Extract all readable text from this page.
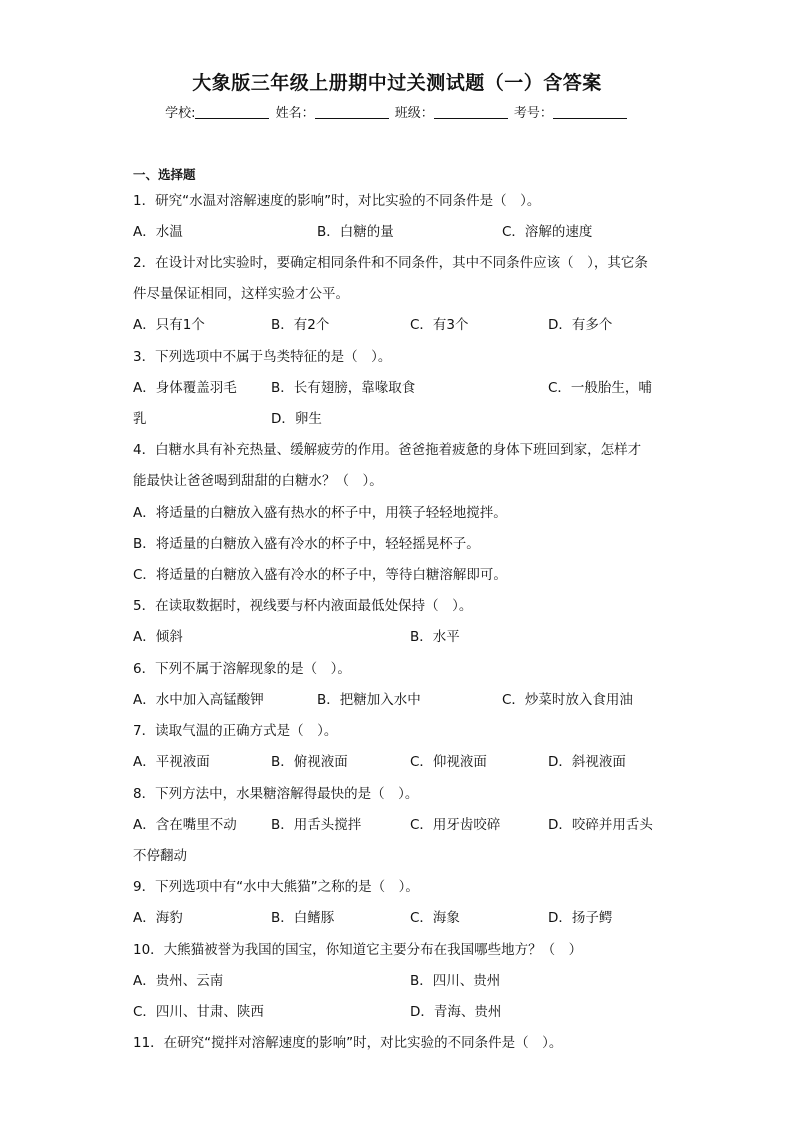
大象版三年级上册期中过关测试题（一）含答案
学校:	姓名：	班级：	考号：
一、选择题
1．研究“水温对溶解速度的影响”时，对比实验的不同条件是（　）。
A．水温	B．白糖的量	C．溶解的速度
2．在设计对比实验时，要确定相同条件和不同条件，其中不同条件应该（　），其它条
件尽量保证相同，这样实验才公平。
A．只有1个	B．有2个	C．有3个	D．有多个
3．下列选项中不属于鸟类特征的是（　）。
A．身体覆盖羽毛	B．长有翅膀，靠喙取食	C．一般胎生，哺
乳	D．卵生
4．白糖水具有补充热量、缓解疲劳的作用。爸爸拖着疲惫的身体下班回到家，怎样才
能最快让爸爸喝到甜甜的白糖水？（　）。
A．将适量的白糖放入盛有热水的杯子中，用筷子轻轻地搅拌。
B．将适量的白糖放入盛有冷水的杯子中，轻轻摇晃杯子。
C．将适量的白糖放入盛有冷水的杯子中，等待白糖溶解即可。
5．在读取数据时，视线要与杯内液面最低处保持（　）。
A．倾斜	B．水平
6．下列不属于溶解现象的是（　）。
A．水中加入高锰酸钾	B．把糖加入水中	C．炒菜时放入食用油
7．读取气温的正确方式是（　）。
A．平视液面	B．俯视液面	C．仰视液面	D．斜视液面
8．下列方法中，水果糖溶解得最快的是（　）。
A．含在嘴里不动	B．用舌头搅拌	C．用牙齿咬碎	D．咬碎并用舌头
不停翻动
9．下列选项中有“水中大熊猫”之称的是（　）。
A．海豹	B．白鳍豚	C．海象	D．扬子鳄
10．大熊猫被誉为我国的国宝，你知道它主要分布在我国哪些地方？（　）
A．贵州、云南	B．四川、贵州
C．四川、甘肃、陕西	D．青海、贵州
11．在研究“搅拌对溶解速度的影响”时，对比实验的不同条件是（　）。
